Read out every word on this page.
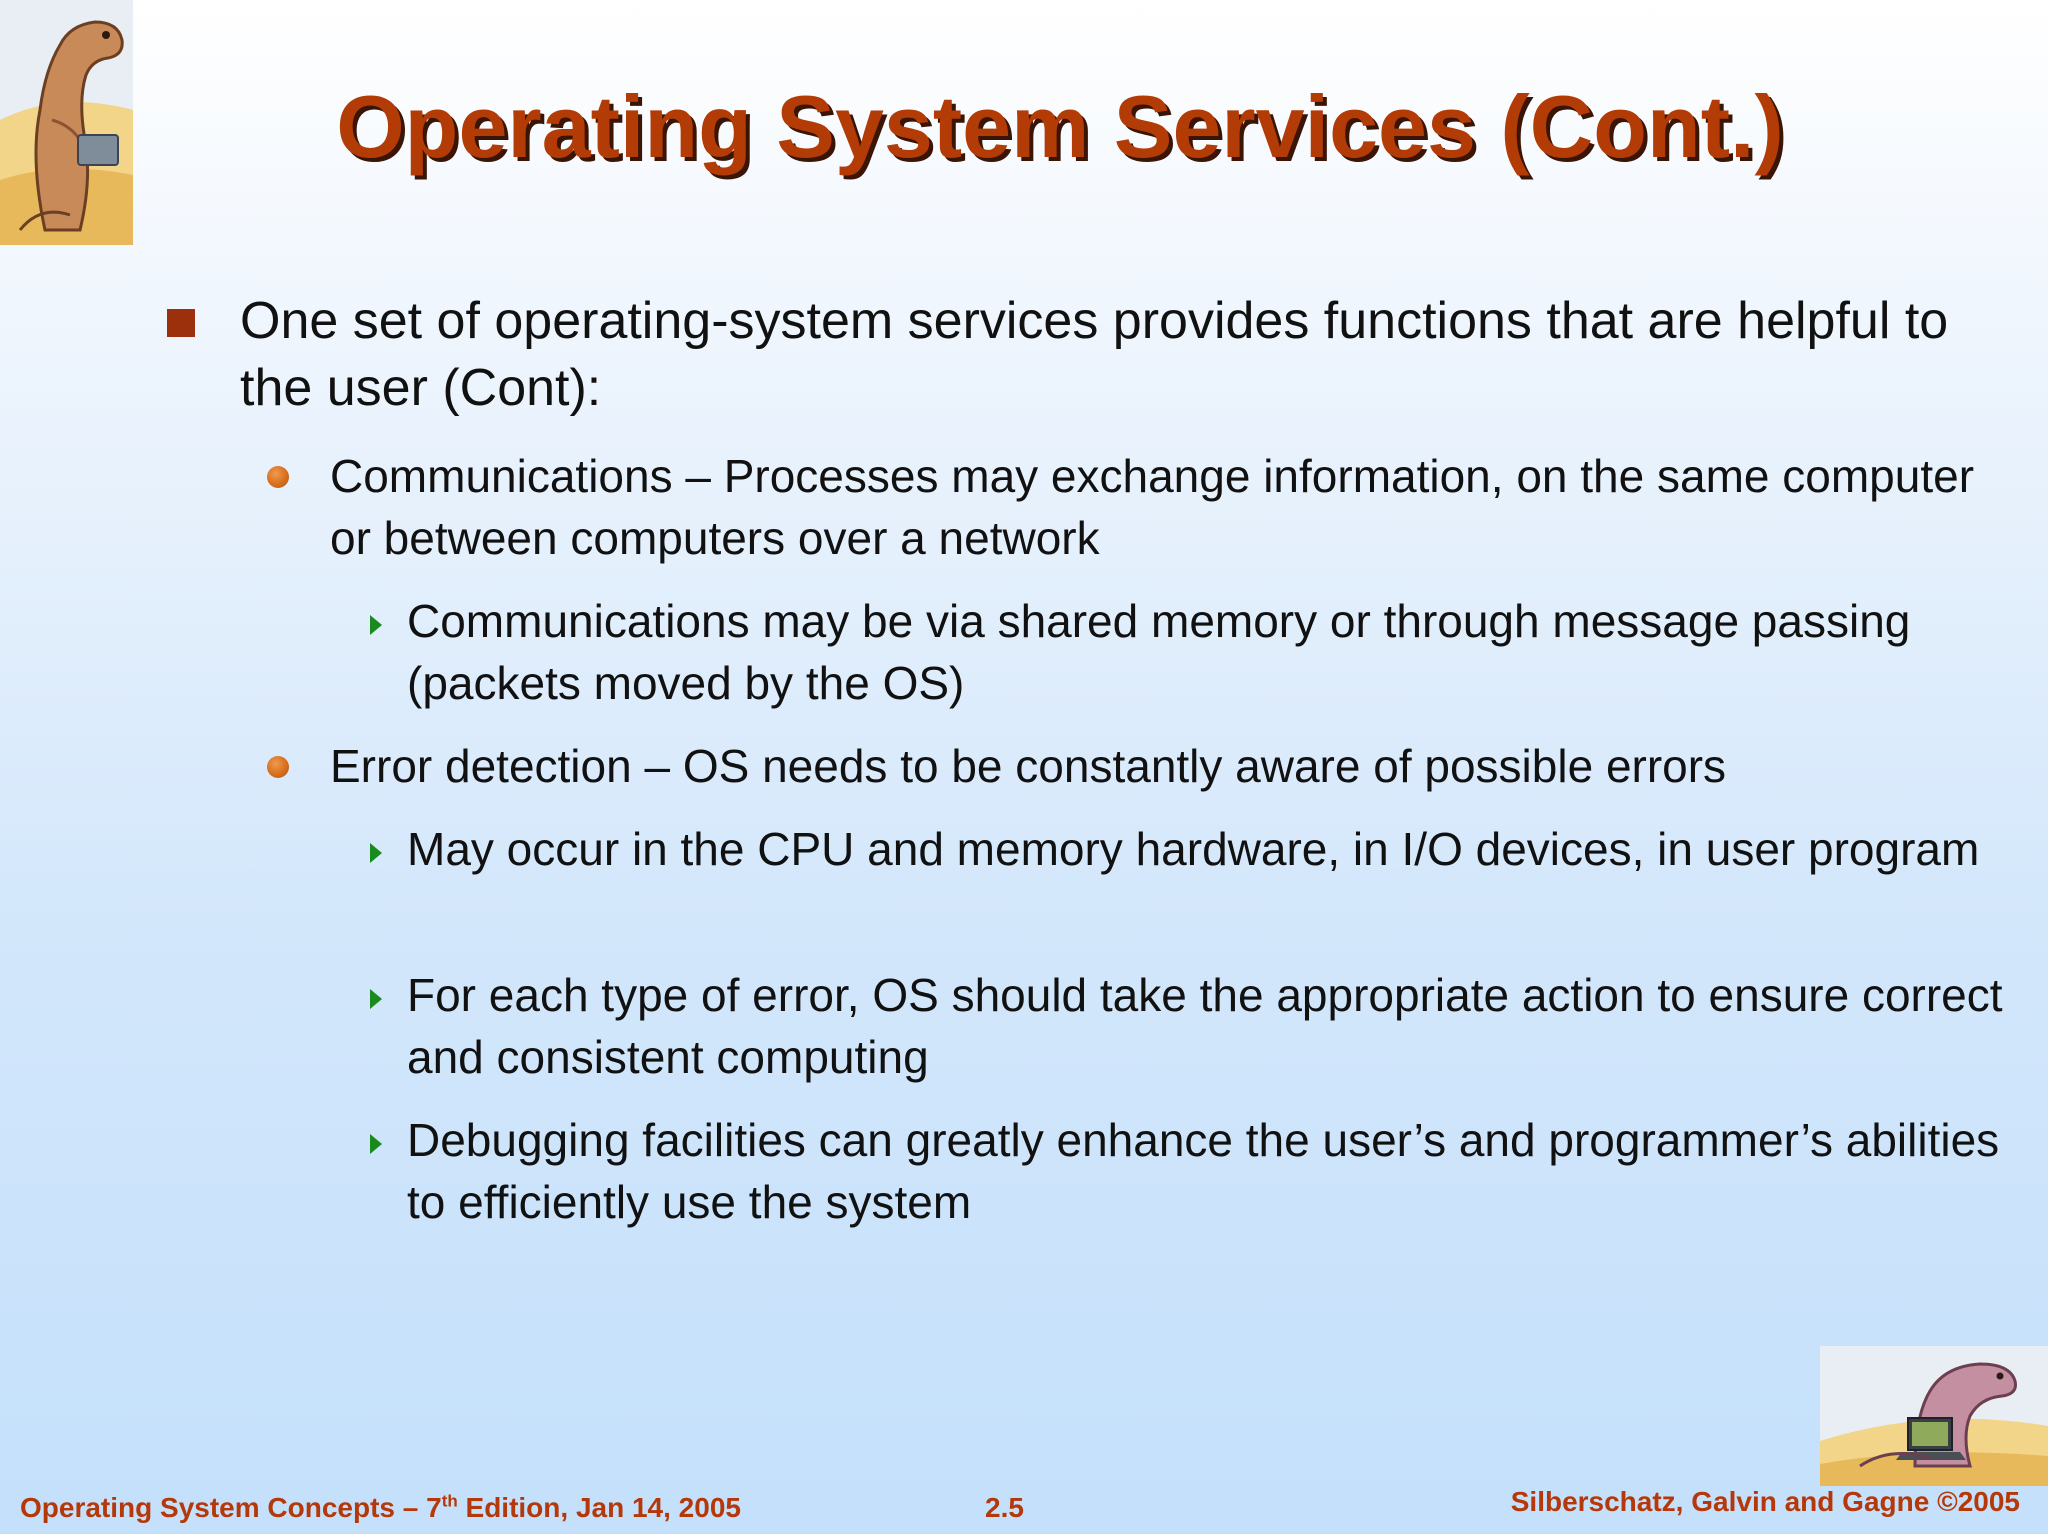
Operating System Services (Cont.)
One set of operating-system services provides functions that are helpful to the user (Cont):
Communications – Processes may exchange information, on the same computer or between computers over a network
Communications may be via shared memory or through message passing (packets moved by the OS)
Error detection – OS needs to be constantly aware of possible errors
May occur in the CPU and memory hardware, in I/O devices, in user program
For each type of error, OS should take the appropriate action to ensure correct and consistent computing
Debugging facilities can greatly enhance the user’s and programmer’s abilities to efficiently use the system
Operating System Concepts – 7th Edition, Jan 14, 2005	2.5	Silberschatz, Galvin and Gagne ©2005
